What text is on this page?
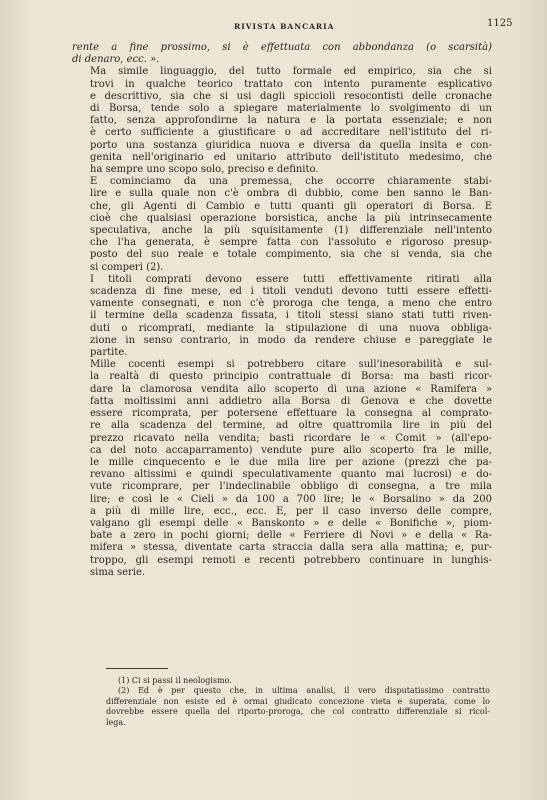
RIVISTA BANCARIA	1125

rente a fine prossimo, si è effettuata con abbondanza (o scarsità)
di denaro, ecc. ».

Ma simile linguaggio, del tutto formale ed empirico, sia che si
trovi in qualche teorico trattato con intento puramente esplicativo
e descrittivo, sia che si usi dagli spiccioli resocontisti delle cronache
di Borsa, tende solo a spiegare materialmente lo svolgimento di un
fatto, senza approfondirne la natura e la portata essenziale; e non
è certo sufficiente a giustificare o ad accreditare nell'istituto del ri-
porto una sostanza giuridica nuova e diversa da quella insita e con-
genita nell'originario ed unitario attributo dell'istituto medesimo, che
ha sempre uno scopo solo, preciso e definito.

E cominciamo da una premessa, che occorre chiaramente stabi-
lire e sulla quale non c'è ombra di dubbio, come ben sanno le Ban-
che, gli Agenti di Cambio e tutti quanti gli operatori di Borsa. E
cioè che qualsiasi operazione borsistica, anche la più intrinsecamente
speculativa, anche la più squisitamente (1) differenziale nell'intento
che l'ha generata, è sempre fatta con l'assoluto e rigoroso presup-
posto del suo reale e totale compimento, sia che si venda, sia che
si comperi (2).

I titoli comprati devono essere tutti effettivamente ritirati alla
scadenza di fine mese, ed i titoli venduti devono tutti essere effetti-
vamente consegnati, e non c'è proroga che tenga, a meno che entro
il termine della scadenza fissata, i titoli stessi siano stati tutti riven-
duti o ricomprati, mediante la stipulazione di una nuova obbliga-
zione in senso contrario, in modo da rendere chiuse e pareggiate le
partite.

Mille cocenti esempi si potrebbero citare sull'inesorabilità e sul-
la realtà di questo principio contrattuale di Borsa: ma basti ricor-
dare la clamorosa vendita allo scoperto di una azione « Ramifera »
fatta moltissimi anni addietro alla Borsa di Genova e che dovette
essere ricomprata, per potersene effettuare la consegna al comprato-
re alla scadenza del termine, ad oltre quattromila lire in più del
prezzo ricavato nella vendita; basti ricordare le « Comit » (all'epo-
ca del noto accaparramento) vendute pure allo scoperto fra le mille,
le mille cinquecento e le due mila lire per azione (prezzi che pa-
revano altissimi e quindi speculativamente quanto mai lucrosi) e do-
vute ricomprare, per l'indeclinabile obbligo di consegna, a tre mila
lire; e così le « Cieli » da 100 a 700 lire; le « Borsalino » da 200
a più di mille lire, ecc., ecc. E, per il caso inverso delle compre,
valgano gli esempi delle « Banskonto » e delle « Bonifiche », piom-
bate a zero in pochi giorni; delle « Ferriere di Novi » e della « Ra-
mifera » stessa, diventate carta straccia dalla sera alla mattina; e, pur-
troppo, gli esempi remoti e recenti potrebbero continuare in lunghis-
sima serie.

(1) Ci si passi il neologismo.

(2) Ed è per questo che, in ultima analisi, il vero disputatissimo contratto
differenziale non esiste ed è ormai giudicato concezione vieta e superata, come lo
dovrebbe essere quella del riporto-proroga, che col contratto differenziale si ricol-
lega.
